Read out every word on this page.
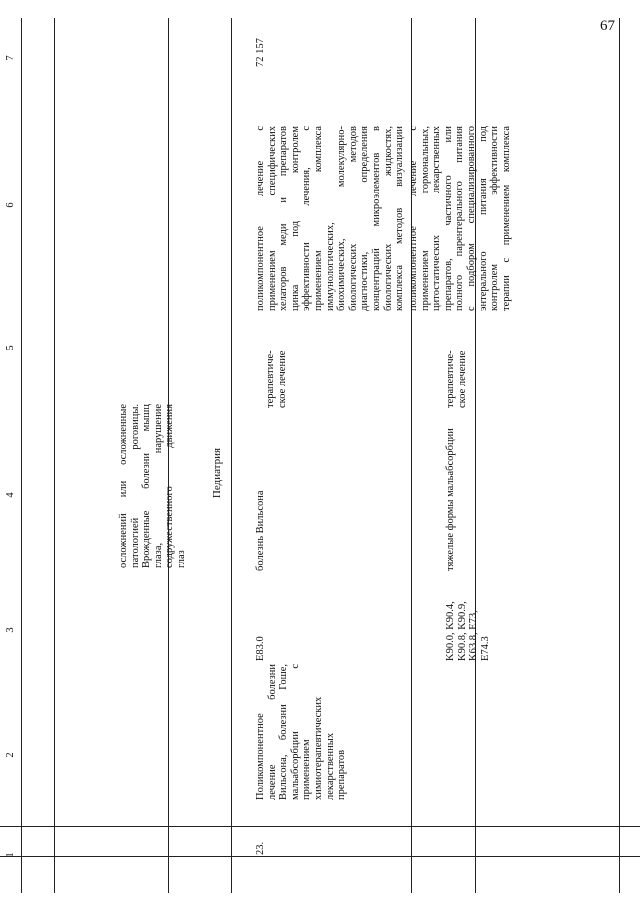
67
1
2
3
4
5
6
7
осложнений или осложненные патологией роговицы. Врожденные болезни мышц глаза, нарушение содружественного движения глаз
Педиатрия
23.
Поликомпонентное лечение болезни Вильсона, болезни Гоше, мальабсорбции с применением химиотерапевтических лекарственных препаратов
E83.0
болезнь Вильсона
терапевтиче- ское лечение
поликомпонентное лечение с применением специфических хелаторов меди и препаратов цинка под контролем эффективности лечения, с применением комплекса иммунологических, биохимических, молекулярно- биологических методов диагностики, определения концентраций микроэлементов в биологических жидкостях, комплекса методов визуализации
72 157
K90.0, K90.4, K90.8, K90.9, K63.8, E73, E74.3
тяжелые формы мальабсорбции
терапевтиче- ское лечение
поликомпонентное лечение с применением гормональных, цитостатических лекарственных препаратов, частичного или полного парентерального питания с подбором специализированного энтерального питания под контролем эффективности терапии с применением комплекса
